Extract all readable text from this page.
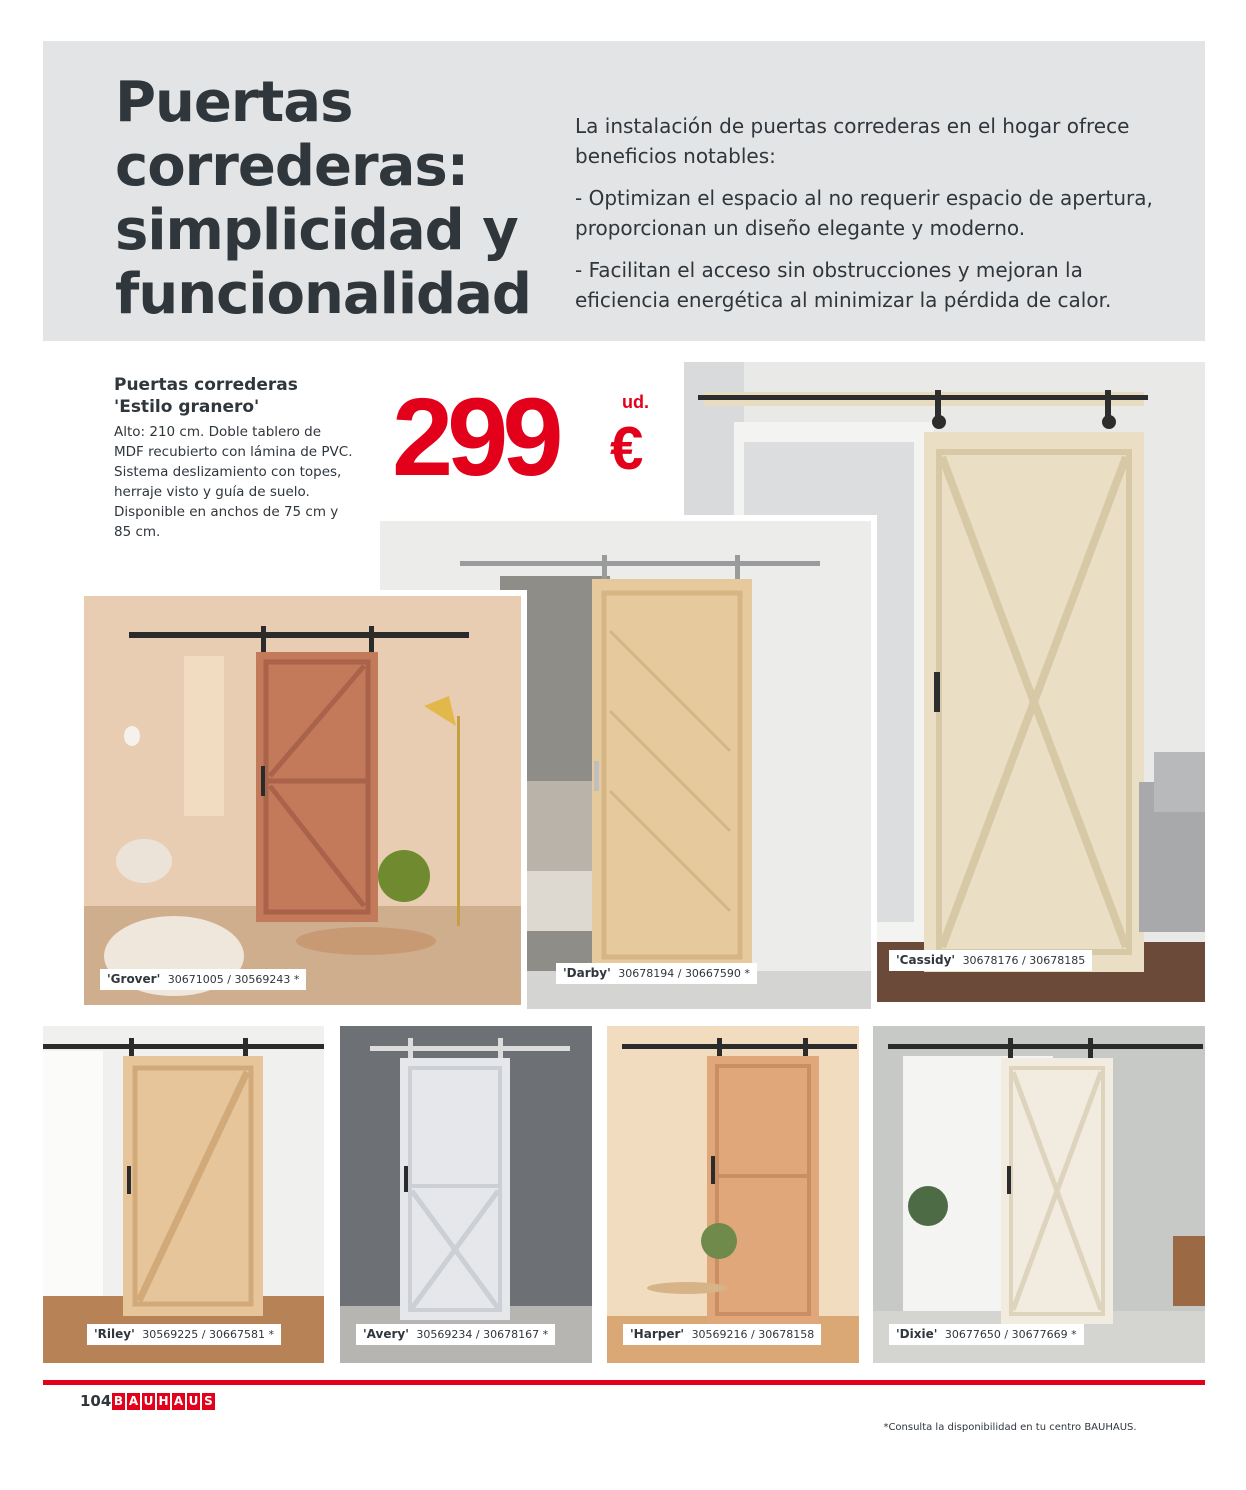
Puertas correderas: simplicidad y funcionalidad

La instalación de puertas correderas en el hogar ofrece beneficios notables:

- Optimizan el espacio al no requerir espacio de apertura, proporcionan un diseño elegante y moderno.

- Facilitan el acceso sin obstrucciones y mejoran la eficiencia energética al minimizar la pérdida de calor.

Puertas correderas 'Estilo granero'

Alto: 210 cm. Doble tablero de MDF recubierto con lámina de PVC. Sistema deslizamiento con topes, herraje visto y guía de suelo. Disponible en anchos de 75 cm y 85 cm.

299	ud.
€
'Cassidy' 30678176 / 30678185
'Darby' 30678194 / 30667590 *
'Grover' 30671005 / 30569243 *
'Riley' 30569225 / 30667581 *	'Avery' 30569234 / 30678167 *	'Harper' 30569216 / 30678158	'Dixie' 30677650 / 30677669 *
104 B A U H A U S
*Consulta la disponibilidad en tu centro BAUHAUS.
